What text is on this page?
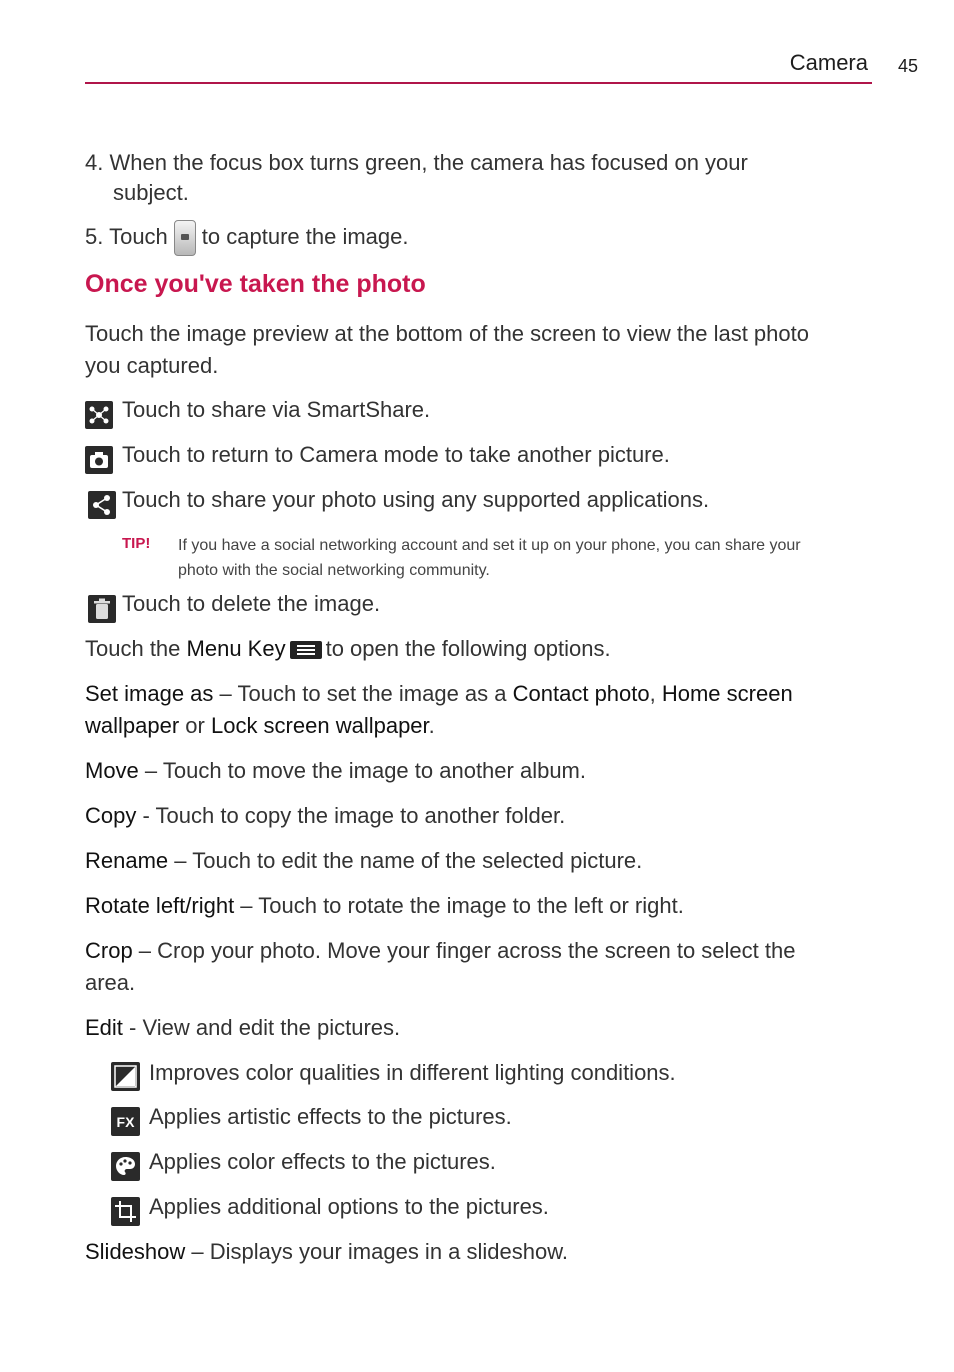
Camera 45
4. When the focus box turns green, the camera has focused on your
subject.
5. Touch to capture the image.
Once you've taken the photo
Touch the image preview at the bottom of the screen to view the last photo
you captured.
Touch to share via SmartShare.
Touch to return to Camera mode to take another picture.
Touch to share your photo using any supported applications.
TIP! If you have a social networking account and set it up on your phone, you can share your
photo with the social networking community.
Touch to delete the image.
Touch the Menu Key to open the following options.
Set image as – Touch to set the image as a Contact photo, Home screen
wallpaper or Lock screen wallpaper.
Move – Touch to move the image to another album.
Copy - Touch to copy the image to another folder.
Rename – Touch to edit the name of the selected picture.
Rotate left/right – Touch to rotate the image to the left or right.
Crop – Crop your photo. Move your finger across the screen to select the
area.
Edit - View and edit the pictures.
Improves color qualities in different lighting conditions.
FX Applies artistic effects to the pictures.
Applies color effects to the pictures.
Applies additional options to the pictures.
Slideshow – Displays your images in a slideshow.
